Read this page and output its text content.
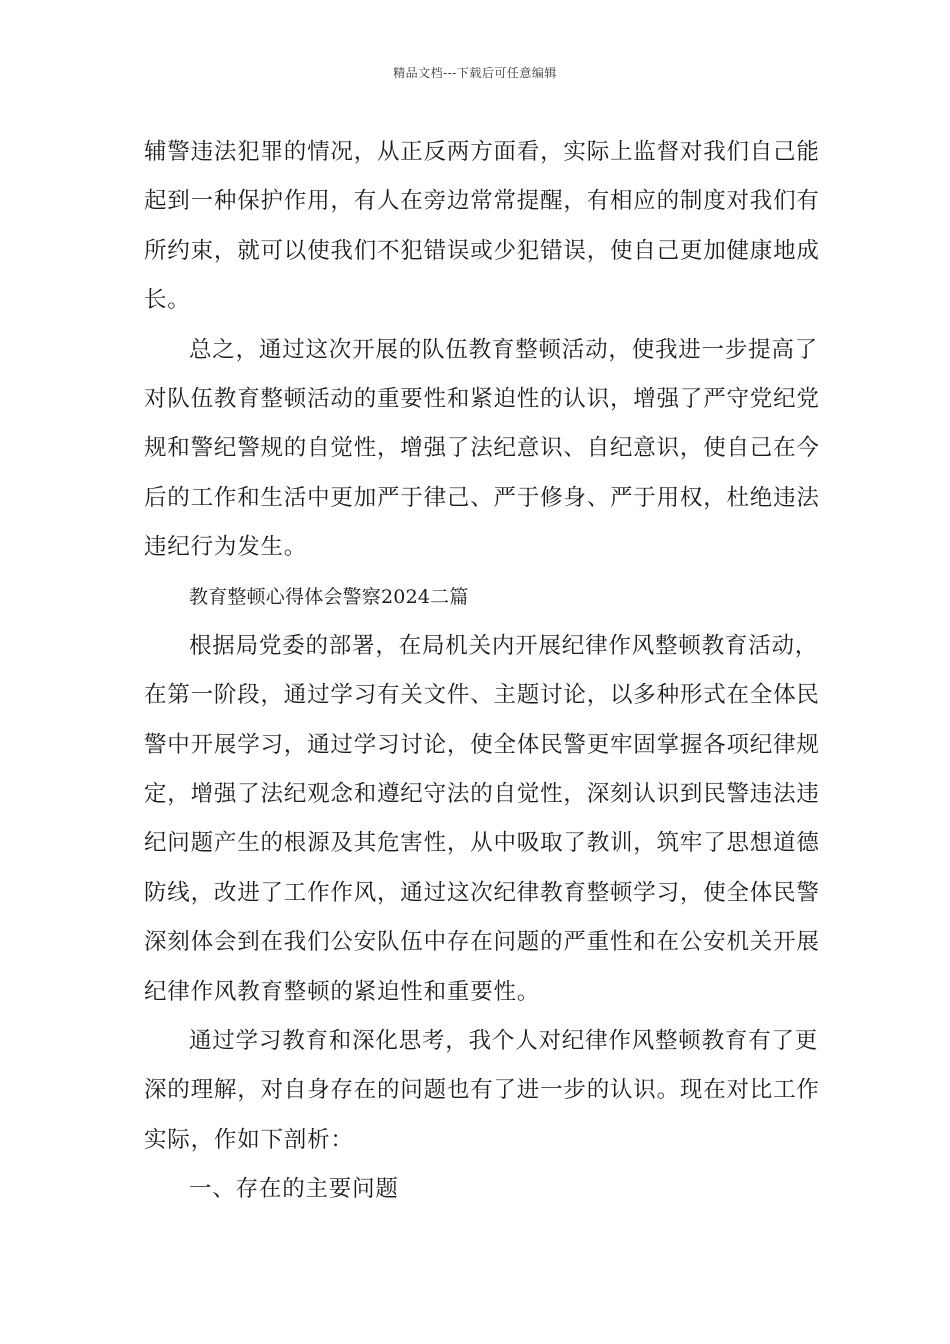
精品文档---下载后可任意编辑
辅警违法犯罪的情况，从正反两方面看，实际上监督对我们自己能
起到一种保护作用，有人在旁边常常提醒，有相应的制度对我们有
所约束，就可以使我们不犯错误或少犯错误，使自己更加健康地成
长。
总之，通过这次开展的队伍教育整顿活动，使我进一步提高了
对队伍教育整顿活动的重要性和紧迫性的认识，增强了严守党纪党
规和警纪警规的自觉性，增强了法纪意识、自纪意识，使自己在今
后的工作和生活中更加严于律己、严于修身、严于用权，杜绝违法
违纪行为发生。
教育整顿心得体会警察2024二篇
根据局党委的部署，在局机关内开展纪律作风整顿教育活动，
在第一阶段，通过学习有关文件、主题讨论，以多种形式在全体民
警中开展学习，通过学习讨论，使全体民警更牢固掌握各项纪律规
定，增强了法纪观念和遵纪守法的自觉性，深刻认识到民警违法违
纪问题产生的根源及其危害性，从中吸取了教训，筑牢了思想道德
防线，改进了工作作风，通过这次纪律教育整顿学习，使全体民警
深刻体会到在我们公安队伍中存在问题的严重性和在公安机关开展
纪律作风教育整顿的紧迫性和重要性。
通过学习教育和深化思考，我个人对纪律作风整顿教育有了更
深的理解，对自身存在的问题也有了进一步的认识。现在对比工作
实际，作如下剖析：
一、存在的主要问题
